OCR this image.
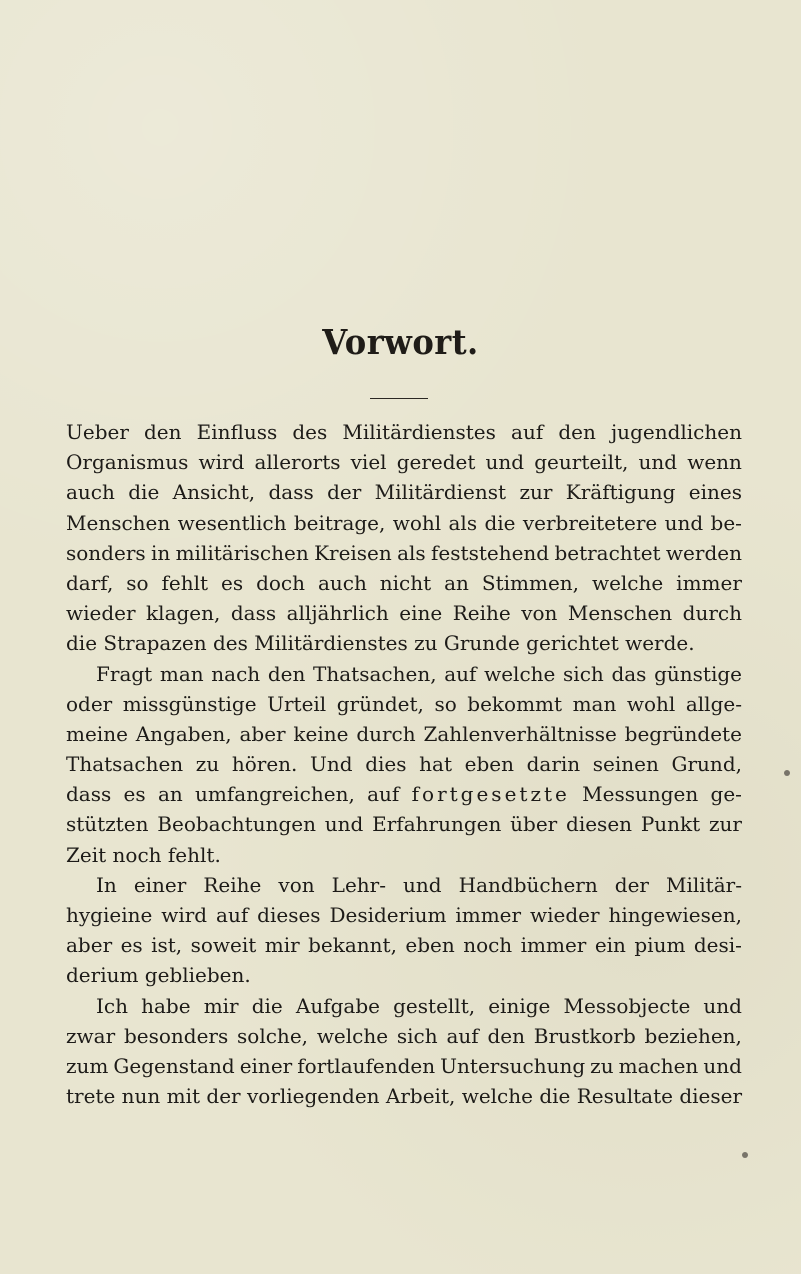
Vorwort.
Ueber den Einfluss des Militärdienstes auf den jugendlichen
Organismus wird allerorts viel geredet und geurteilt, und wenn
auch die Ansicht, dass der Militärdienst zur Kräftigung eines
Menschen wesentlich beitrage, wohl als die verbreitetere und be-
sonders in militärischen Kreisen als feststehend betrachtet werden
darf, so fehlt es doch auch nicht an Stimmen, welche immer
wieder klagen, dass alljährlich eine Reihe von Menschen durch
die Strapazen des Militärdienstes zu Grunde gerichtet werde.
Fragt man nach den Thatsachen, auf welche sich das günstige
oder missgünstige Urteil gründet, so bekommt man wohl allge-
meine Angaben, aber keine durch Zahlenverhältnisse begründete
Thatsachen zu hören. Und dies hat eben darin seinen Grund,
dass es an umfangreichen, auf fortgesetzte Messungen ge-
stützten Beobachtungen und Erfahrungen über diesen Punkt zur
Zeit noch fehlt.
In einer Reihe von Lehr- und Handbüchern der Militär-
hygieine wird auf dieses Desiderium immer wieder hingewiesen,
aber es ist, soweit mir bekannt, eben noch immer ein pium desi-
derium geblieben.
Ich habe mir die Aufgabe gestellt, einige Messobjecte und
zwar besonders solche, welche sich auf den Brustkorb beziehen,
zum Gegenstand einer fortlaufenden Untersuchung zu machen und
trete nun mit der vorliegenden Arbeit, welche die Resultate dieser
